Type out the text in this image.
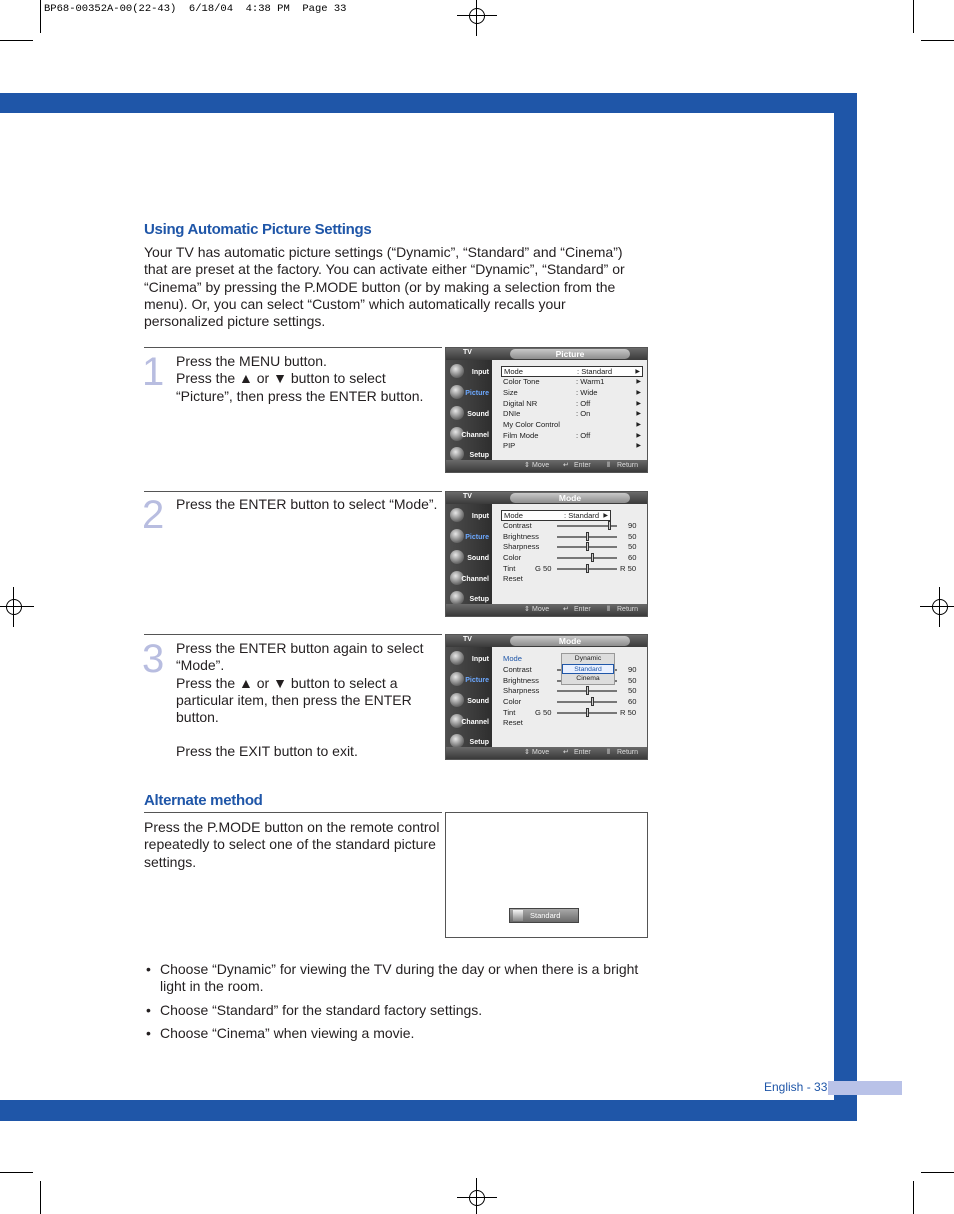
BP68-00352A-00(22-43)  6/18/04  4:38 PM  Page 33
Using Automatic Picture Settings
Your TV has automatic picture settings (“Dynamic”, “Standard” and “Cinema”) that are preset at the factory. You can activate either “Dynamic”, “Standard” or “Cinema” by pressing the P.MODE button (or by making a selection from the menu). Or, you can select “Custom” which automatically recalls your personalized picture settings.
1 Press the MENU button.
Press the ▲ or ▼ button to select “Picture”, then press the ENTER button.
TV	Picture
Input
Picture
Sound
Channel
Setup
Mode	: Standard	▶
Color Tone	: Warm1	▶
Size	: Wide	▶
Digital NR	: Off	▶
DNIe	: On	▶
My Color Control	▶
Film Mode	: Off	▶
PIP	▶
⇕ Move ↵ Enter ⫴ Return
2 Press the ENTER button to select “Mode”.	TV	Mode
Input
Picture
Sound
Channel
Setup
Mode	: Standard ▶
Contrast	90
Brightness	50
Sharpness	50
Color	60
Tint	G 50	R 50
Reset
⇕ Move ↵ Enter ⫴ Return
3 Press the ENTER button again to select “Mode”.
Press the ▲ or ▼ button to select a particular item, then press the ENTER button.
Press the EXIT button to exit.
TV	Mode
Input
Picture
Sound
Channel
Setup
Mode
Contrast	90
Brightness	50
Sharpness	50
Color	60
Tint	G 50	R 50
Reset
Dynamic
Standard
Cinema
⇕ Move ↵ Enter ⫴ Return
Alternate method
Press the P.MODE button on the remote control repeatedly to select one of the standard picture settings.
Standard
• Choose “Dynamic” for viewing the TV during the day or when there is a bright light in the room.
• Choose “Standard” for the standard factory settings.
• Choose “Cinema” when viewing a movie.
English - 33
